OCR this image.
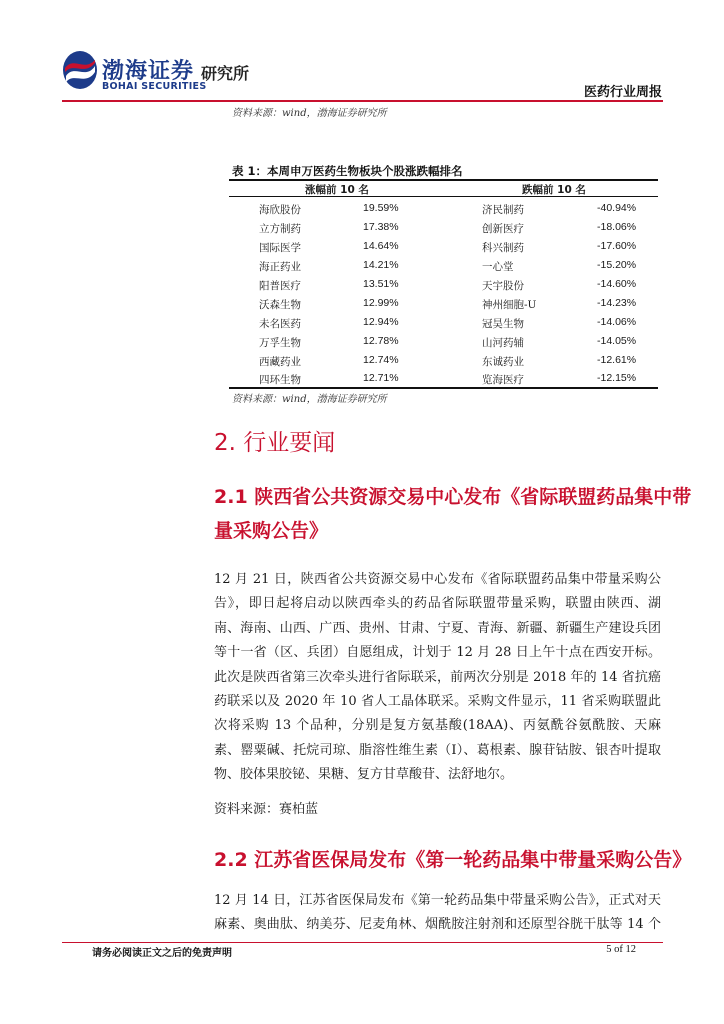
渤海证券
BOHAI SECURITIES
研究所
医药行业周报
资料来源：wind，渤海证券研究所
表 1：本周申万医药生物板块个股涨跌幅排名
涨幅前 10 名	跌幅前 10 名
海欣股份	19.59%	济民制药	-40.94%
立方制药	17.38%	创新医疗	-18.06%
国际医学	14.64%	科兴制药	-17.60%
海正药业	14.21%	一心堂	-15.20%
阳普医疗	13.51%	天宇股份	-14.60%
沃森生物	12.99%	神州细胞-U	-14.23%
未名医药	12.94%	冠昊生物	-14.06%
万孚生物	12.78%	山河药辅	-14.05%
西藏药业	12.74%	东诚药业	-12.61%
四环生物	12.71%	览海医疗	-12.15%
资料来源：wind，渤海证券研究所
2. 行业要闻
2.1 陕西省公共资源交易中心发布《省际联盟药品集中带
量采购公告》
12 月 21 日，陕西省公共资源交易中心发布《省际联盟药品集中带量采购公告》，即日起将启动以陕西牵头的药品省际联盟带量采购，联盟由陕西、湖南、海南、山西、广西、贵州、甘肃、宁夏、青海、新疆、新疆生产建设兵团等十一省（区、兵团）自愿组成，计划于 12 月 28 日上午十点在西安开标。此次是陕西省第三次牵头进行省际联采，前两次分别是 2018 年的 14 省抗癌药联采以及 2020 年 10 省人工晶体联采。采购文件显示，11 省采购联盟此次将采购 13 个品种，分别是复方氨基酸(18AA)、丙氨酰谷氨酰胺、天麻素、罂粟碱、托烷司琼、脂溶性维生素（Ⅰ）、葛根素、腺苷钴胺、银杏叶提取物、胶体果胶铋、果糖、复方甘草酸苷、法舒地尔。
资料来源：赛柏蓝
2.2 江苏省医保局发布《第一轮药品集中带量采购公告》
12 月 14 日，江苏省医保局发布《第一轮药品集中带量采购公告》，正式对天麻素、奥曲肽、纳美芬、尼麦角林、烟酰胺注射剂和还原型谷胱干肽等 14 个
请务必阅读正文之后的免责声明	5 of 12
